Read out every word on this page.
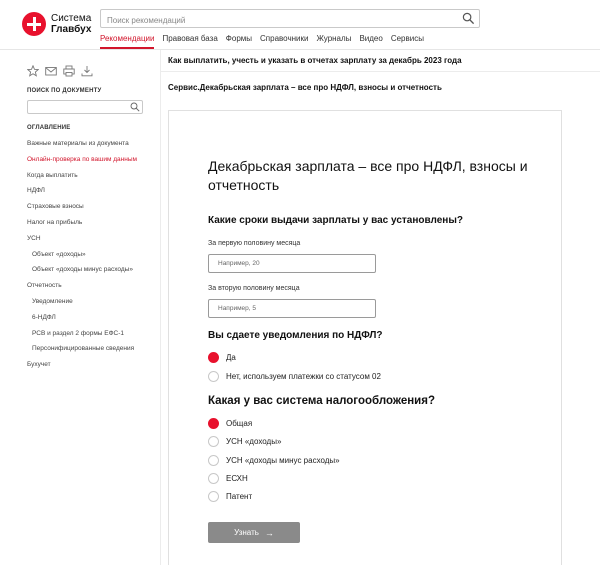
Система
Главбух
Поиск рекомендаций
Рекомендации Правовая база Формы Справочники Журналы Видео Сервисы
ПОИСК ПО ДОКУМЕНТУ
ОГЛАВЛЕНИЕ
Важные материалы из документа
Онлайн-проверка по вашим данным
Когда выплатить
НДФЛ
Страховые взносы
Налог на прибыль
УСН
Объект «доходы»
Объект «доходы минус расходы»
Отчетность
Уведомление
6-НДФЛ
РСВ и раздел 2 формы ЕФС-1
Персонифицированные сведения
Бухучет
Как выплатить, учесть и указать в отчетах зарплату за декабрь 2023 года
Сервис.Декабрьская зарплата – все про НДФЛ, взносы и отчетность
Декабрьская зарплата – все про НДФЛ, взносы и отчетность
Какие сроки выдачи зарплаты у вас установлены?
За первую половину месяца
Например, 20
За вторую половину месяца
Например, 5
Вы сдаете уведомления по НДФЛ?
Да
Нет, используем платежки со статусом 02
Какая у вас система налогообложения?
Общая
УСН «доходы»
УСН «доходы минус расходы»
ЕСХН
Патент
Узнать →
